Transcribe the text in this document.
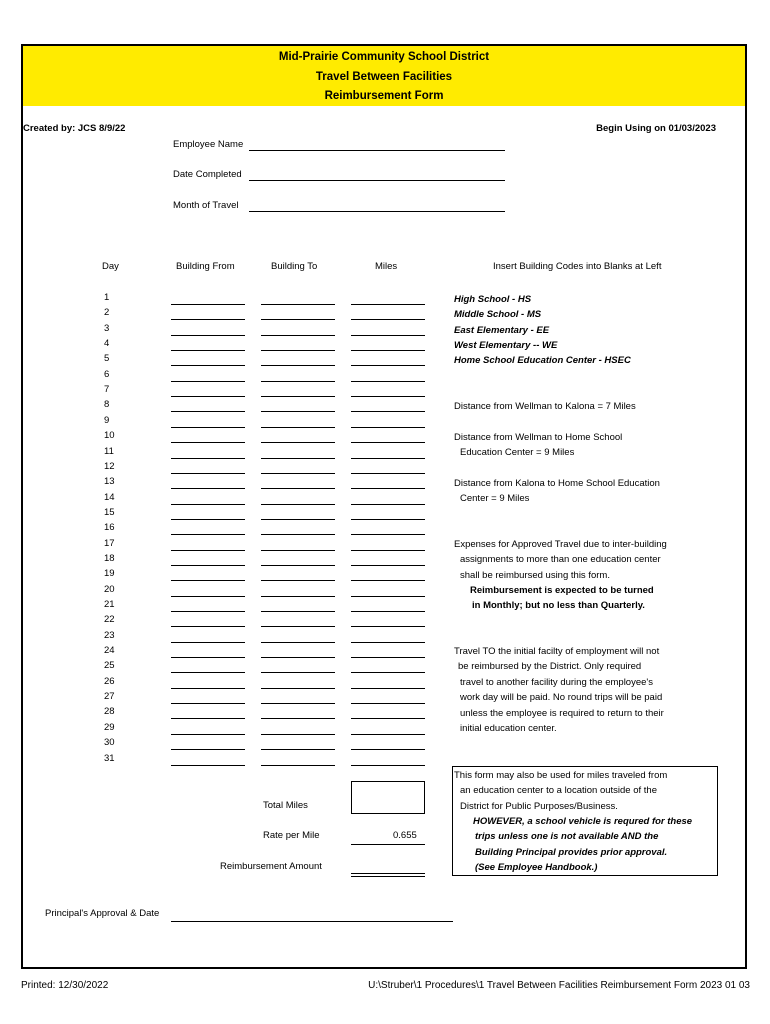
Mid-Prairie Community School District
Travel Between Facilities
Reimbursement Form
Created by: JCS 8/9/22	Begin Using on 01/03/2023
Employee Name
Date Completed
Month of Travel
Day	Building From	Building To	Miles	Insert Building Codes into Blanks at Left
1
2
3
4
5
6
7
8
9
10
11
12
13
14
15
16
17
18
19
20
21
22
23
24
25
26
27
28
29
30
31
High School - HS
Middle School - MS
East Elementary - EE
West Elementary -- WE
Home School Education Center - HSEC
Distance from Wellman to Kalona = 7 Miles
Distance from Wellman to Home School
Education Center = 9 Miles
Distance from Kalona to Home School Education
Center = 9 Miles
Expenses for Approved Travel due to inter-building
assignments to more than one education center
shall be reimbursed using this form.
Reimbursement is expected to be turned
in Monthly; but no less than Quarterly.
Travel TO the initial facilty of employment will not
be reimbursed by the District. Only required
travel to another facility during the employee's
work day will be paid. No round trips will be paid
unless the employee is required to return to their
initial education center.
This form may also be used for miles traveled from
an education center to a location outside of the
District for Public Purposes/Business.
HOWEVER, a school vehicle is requred for these
trips unless one is not available AND the
Building Principal provides prior approval.
(See Employee Handbook.)
Total Miles
Rate per Mile	0.655
Reimbursement Amount
Principal's Approval & Date
Printed: 12/30/2022	U:\Struber\1 Procedures\1 Travel Between Facilities Reimbursement Form 2023 01 03
